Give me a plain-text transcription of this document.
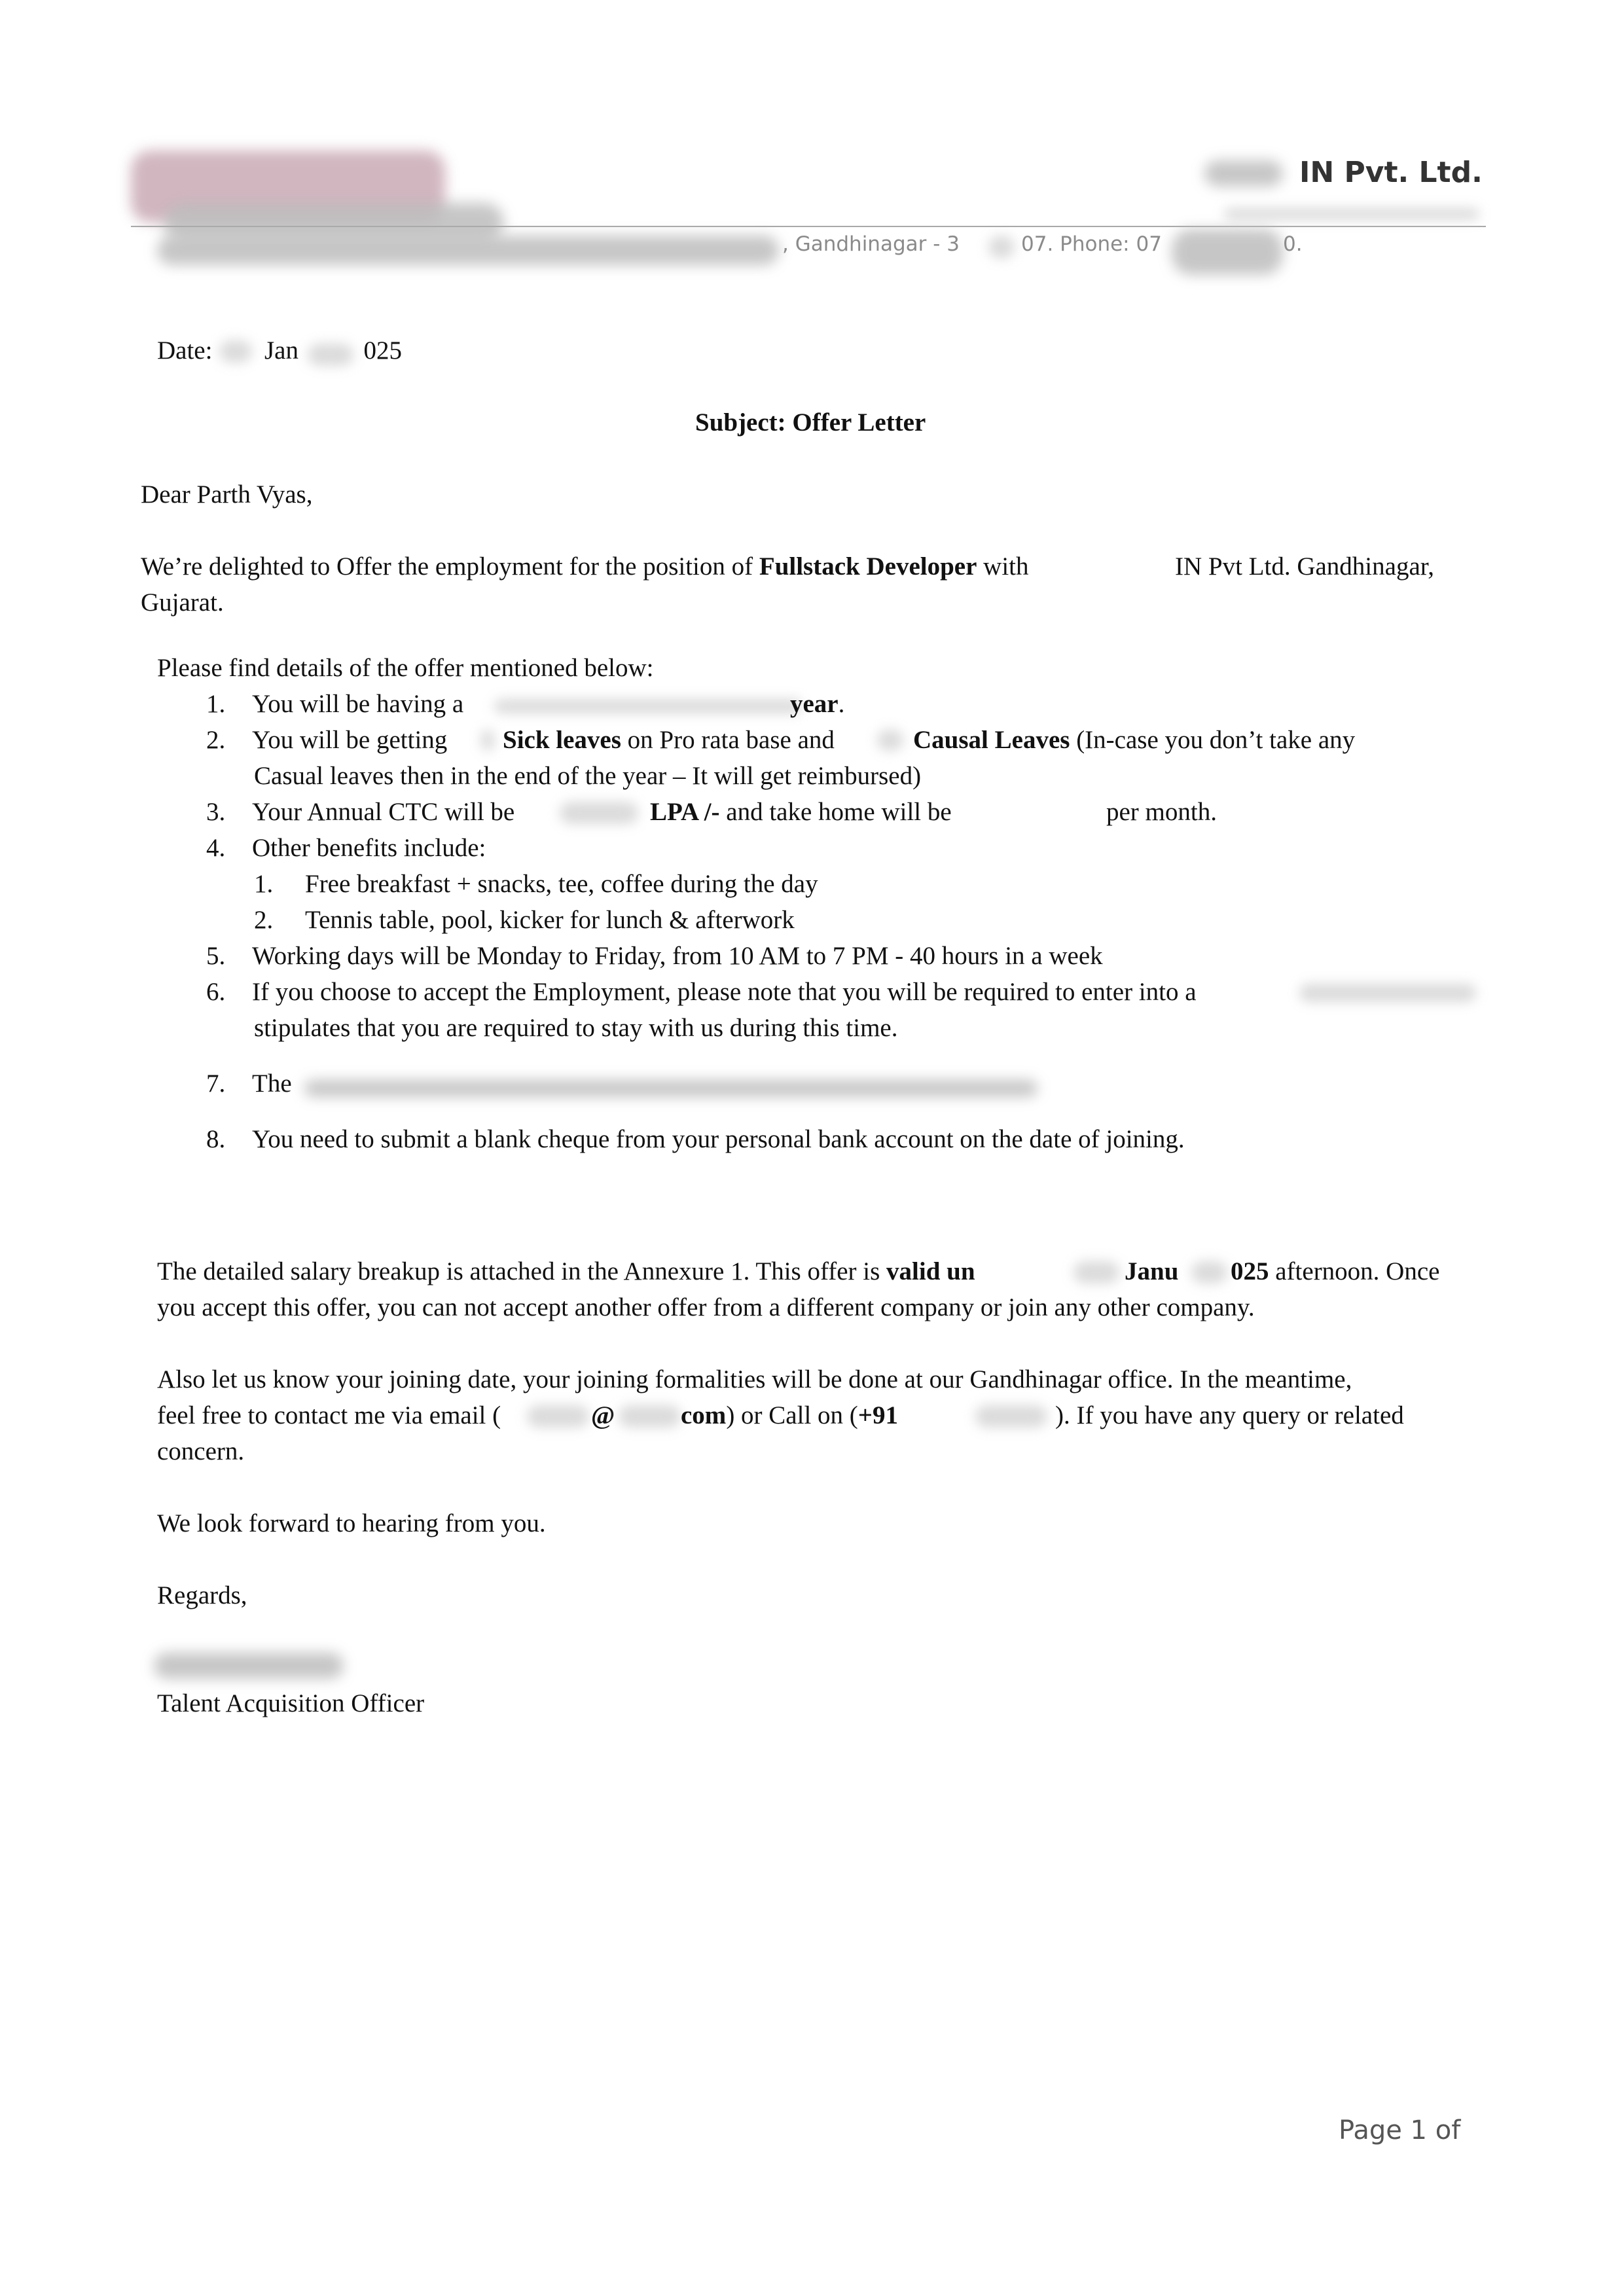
IN Pvt. Ltd.
, Gandhinagar - 3	07. Phone: 07	0.
Date: Jan	025
Subject: Offer Letter
Dear Parth Vyas,
We’re delighted to Offer the employment for the position of Fullstack Developer with	IN Pvt Ltd. Gandhinagar,
Gujarat.
Please find details of the offer mentioned below:
1. You will be having a	year.
2. You will be getting Sick leaves on Pro rata base and	Causal Leaves (In-case you don’t take any
Casual leaves then in the end of the year – It will get reimbursed)
3. Your Annual CTC will be	LPA /- and take home will be	per month.
4. Other benefits include:
1. Free breakfast + snacks, tee, coffee during the day
2. Tennis table, pool, kicker for lunch & afterwork
5. Working days will be Monday to Friday, from 10 AM to 7 PM - 40 hours in a week
6. If you choose to accept the Employment, please note that you will be required to enter into a
stipulates that you are required to stay with us during this time.
7. The
8. You need to submit a blank cheque from your personal bank account on the date of joining.
The detailed salary breakup is attached in the Annexure 1. This offer is valid un	Janu 025 afternoon. Once
you accept this offer, you can not accept another offer from a different company or join any other company.
Also let us know your joining date, your joining formalities will be done at our Gandhinagar office. In the meantime,
feel free to contact me via email (	@	com) or Call on (+91	). If you have any query or related
concern.
We look forward to hearing from you.
Regards,
Talent Acquisition Officer
Page 1 of
